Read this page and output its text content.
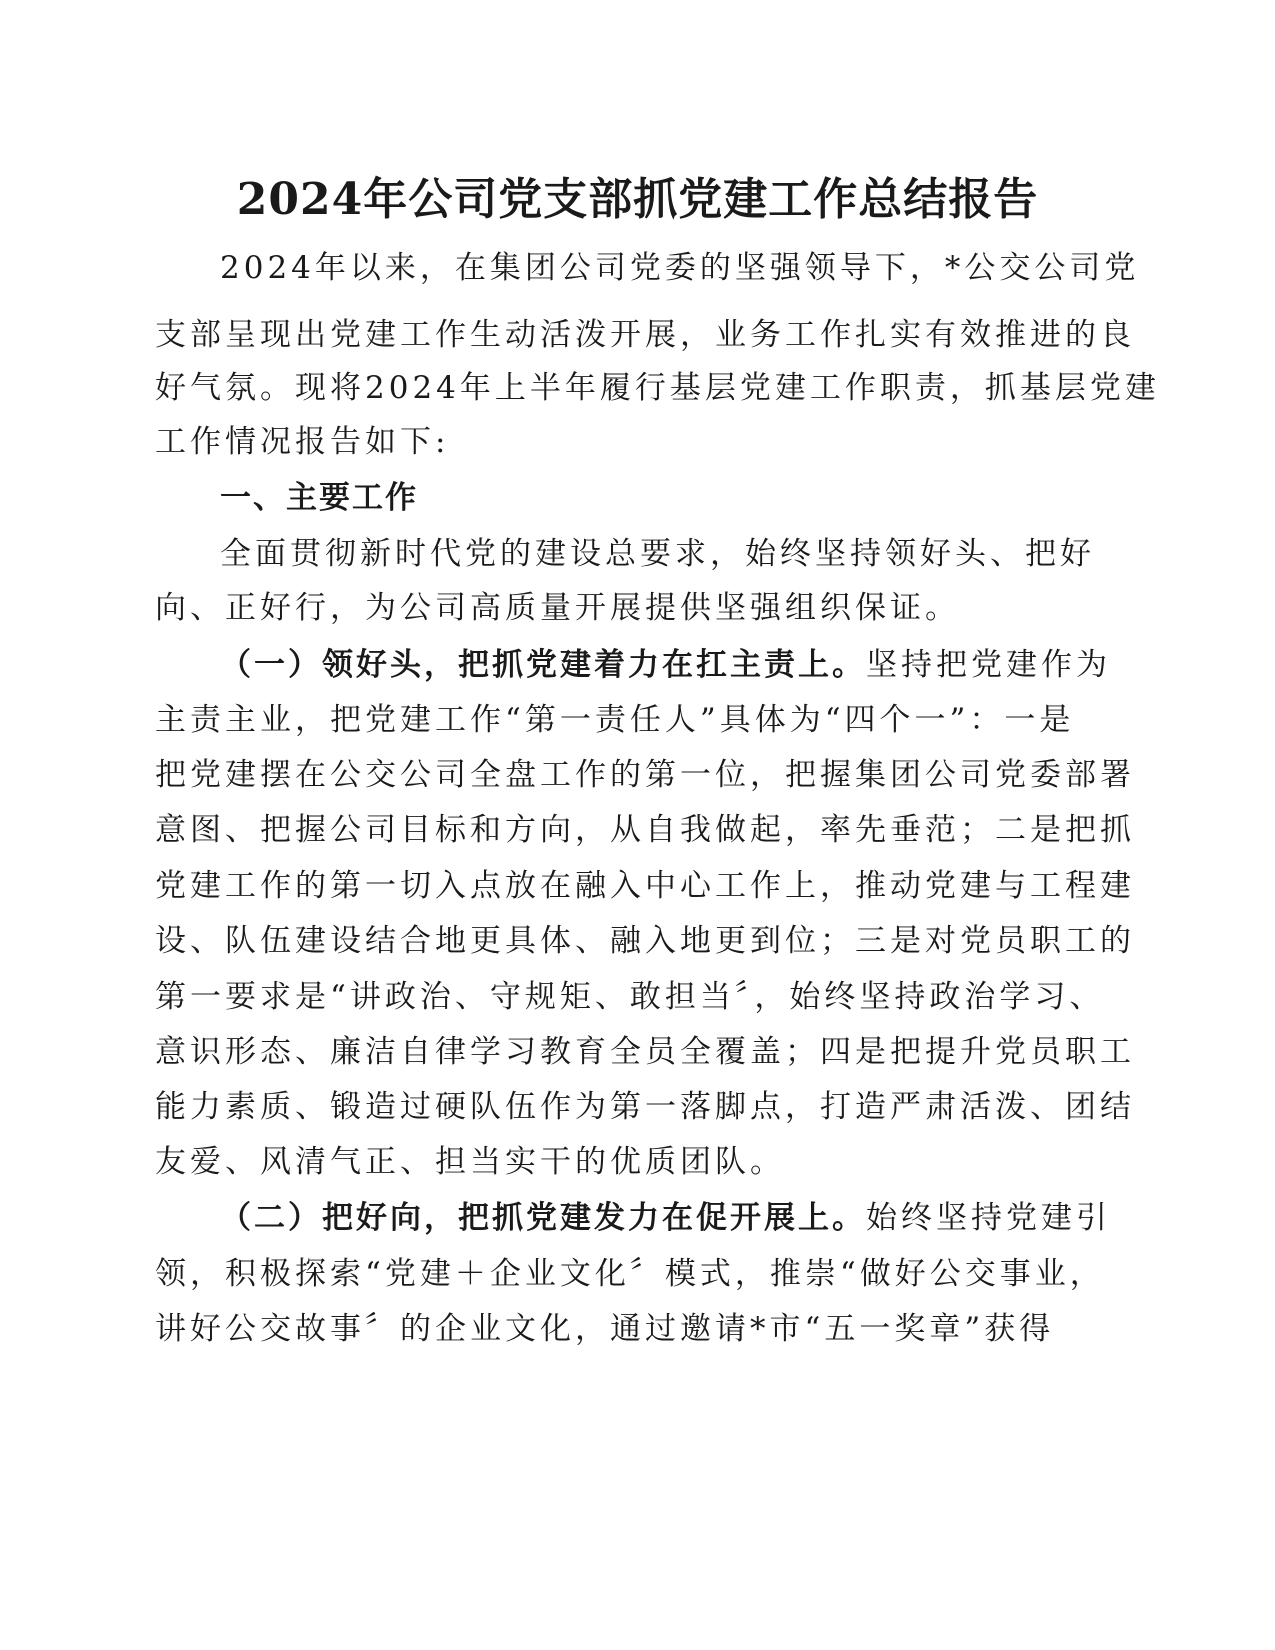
2024年公司党支部抓党建工作总结报告

2024年以来，在集团公司党委的坚强领导下，*公交公司党

支部呈现出党建工作生动活泼开展，业务工作扎实有效推进的良

好气氛。现将2024年上半年履行基层党建工作职责，抓基层党建

工作情况报告如下:

一、主要工作

全面贯彻新时代党的建设总要求，始终坚持领好头、把好

向、正好行，为公司高质量开展提供坚强组织保证。

（一）领好头，把抓党建着力在扛主责上。坚持把党建作为

主责主业，把党建工作“第一责任人”具体为“四个一”：一是

把党建摆在公交公司全盘工作的第一位，把握集团公司党委部署

意图、把握公司目标和方向，从自我做起，率先垂范；二是把抓

党建工作的第一切入点放在融入中心工作上，推动党建与工程建

设、队伍建设结合地更具体、融入地更到位；三是对党员职工的

第一要求是“讲政治、守规矩、敢担当〞，始终坚持政治学习、

意识形态、廉洁自律学习教育全员全覆盖；四是把提升党员职工

能力素质、锻造过硬队伍作为第一落脚点，打造严肃活泼、团结

友爱、风清气正、担当实干的优质团队。

（二）把好向，把抓党建发力在促开展上。始终坚持党建引

领，积极探索“党建＋企业文化〞模式，推崇“做好公交事业，

讲好公交故事〞的企业文化，通过邀请*市“五一奖章”获得
